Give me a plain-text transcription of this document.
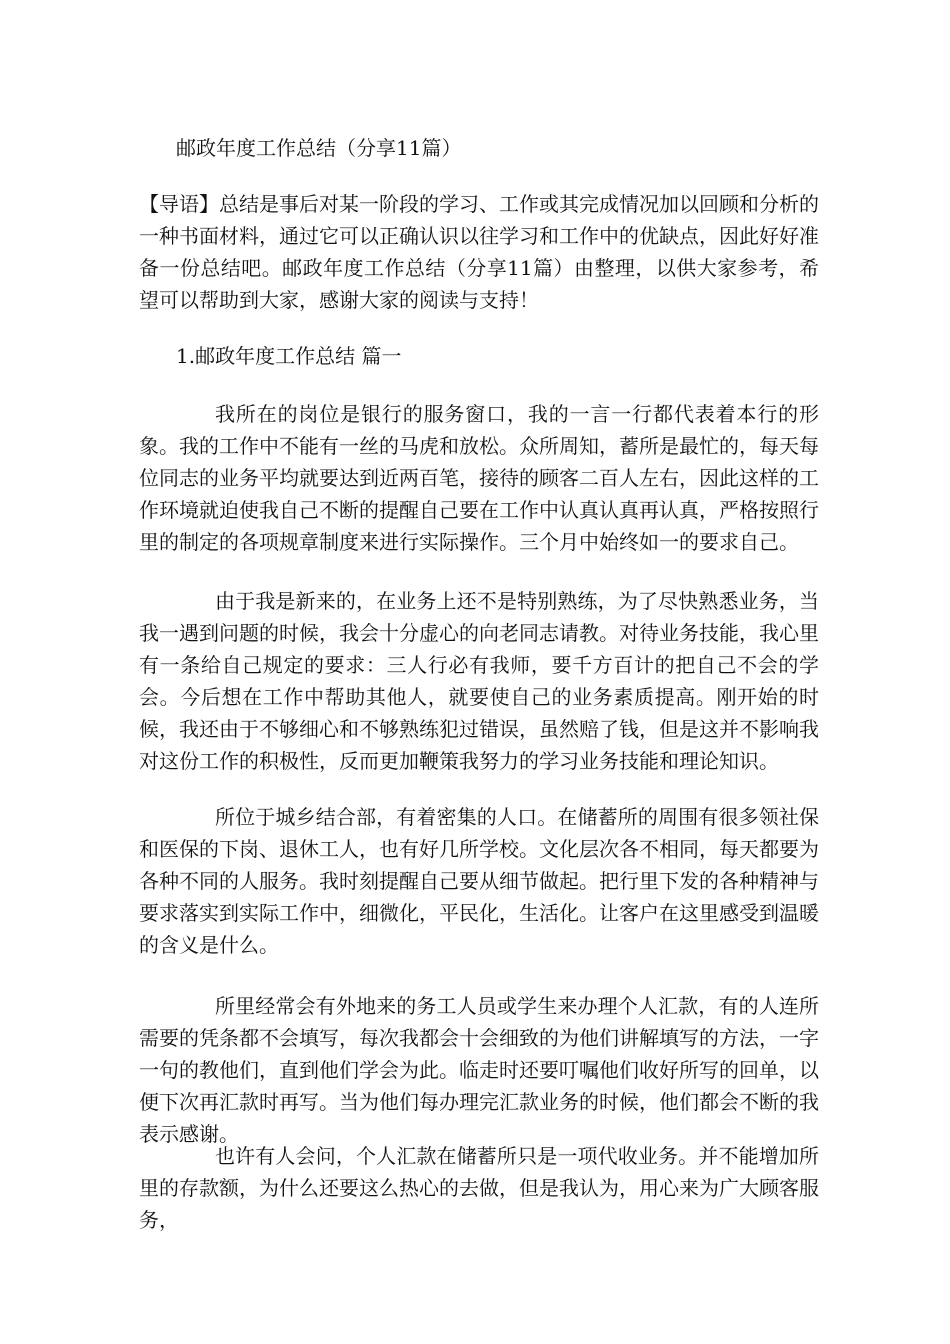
邮政年度工作总结（分享11篇）

【导语】总结是事后对某一阶段的学习、工作或其完成情况加以回顾和分析的一种书面材料，通过它可以正确认识以往学习和工作中的优缺点，因此好好准备一份总结吧。邮政年度工作总结（分享11篇）由整理，以供大家参考，希望可以帮助到大家，感谢大家的阅读与支持！

1.邮政年度工作总结 篇一

我所在的岗位是银行的服务窗口，我的一言一行都代表着本行的形象。我的工作中不能有一丝的马虎和放松。众所周知，蓄所是最忙的，每天每位同志的业务平均就要达到近两百笔，接待的顾客二百人左右，因此这样的工作环境就迫使我自己不断的提醒自己要在工作中认真认真再认真，严格按照行里的制定的各项规章制度来进行实际操作。三个月中始终如一的要求自己。

由于我是新来的，在业务上还不是特别熟练，为了尽快熟悉业务，当我一遇到问题的时候，我会十分虚心的向老同志请教。对待业务技能，我心里有一条给自己规定的要求：三人行必有我师，要千方百计的把自己不会的学会。今后想在工作中帮助其他人，就要使自己的业务素质提高。刚开始的时候，我还由于不够细心和不够熟练犯过错误，虽然赔了钱，但是这并不影响我对这份工作的积极性，反而更加鞭策我努力的学习业务技能和理论知识。

所位于城乡结合部，有着密集的人口。在储蓄所的周围有很多领社保和医保的下岗、退休工人，也有好几所学校。文化层次各不相同，每天都要为各种不同的人服务。我时刻提醒自己要从细节做起。把行里下发的各种精神与要求落实到实际工作中，细微化，平民化，生活化。让客户在这里感受到温暖的含义是什么。

所里经常会有外地来的务工人员或学生来办理个人汇款，有的人连所需要的凭条都不会填写，每次我都会十会细致的为他们讲解填写的方法，一字一句的教他们，直到他们学会为此。临走时还要叮嘱他们收好所写的回单，以便下次再汇款时再写。当为他们每办理完汇款业务的时候，他们都会不断的我表示感谢。

也许有人会问，个人汇款在储蓄所只是一项代收业务。并不能增加所里的存款额，为什么还要这么热心的去做，但是我认为，用心来为广大顾客服务，
